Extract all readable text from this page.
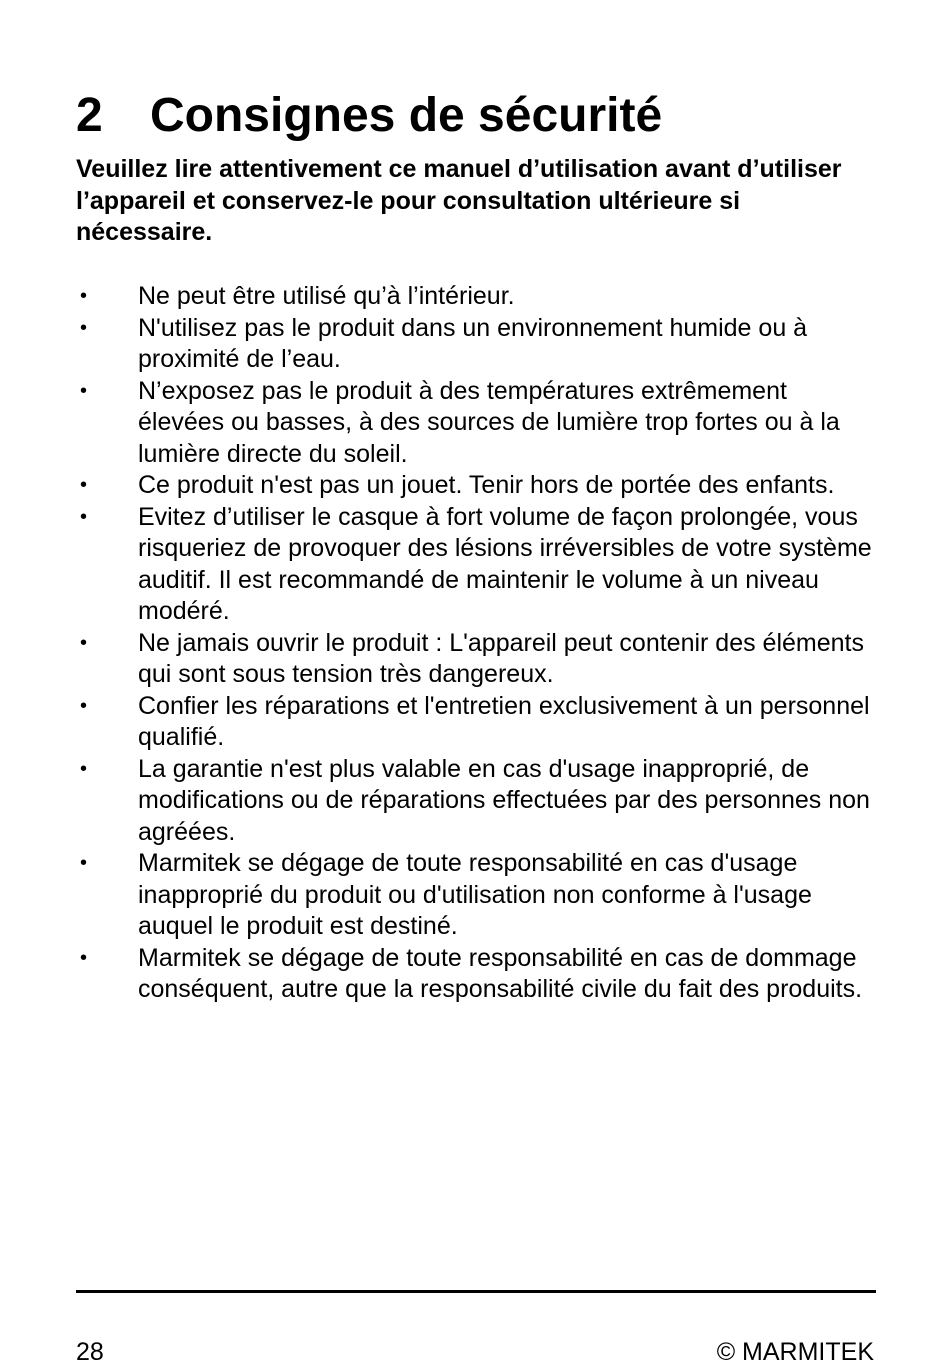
2 Consignes de sécurité

Veuillez lire attentivement ce manuel d’utilisation avant d’utiliser l’appareil et conservez-le pour consultation ultérieure si nécessaire.

• Ne peut être utilisé qu’à l’intérieur.
• N'utilisez pas le produit dans un environnement humide ou à proximité de l’eau.
• N’exposez pas le produit à des températures extrêmement élevées ou basses, à des sources de lumière trop fortes ou à la lumière directe du soleil.
• Ce produit n'est pas un jouet. Tenir hors de portée des enfants.
• Evitez d’utiliser le casque à fort volume de façon prolongée, vous risqueriez de provoquer des lésions irréversibles de votre système auditif. Il est recommandé de maintenir le volume à un niveau modéré.
• Ne jamais ouvrir le produit : L'appareil peut contenir des éléments qui sont sous tension très dangereux.
• Confier les réparations et l'entretien exclusivement à un personnel qualifié.
• La garantie n'est plus valable en cas d'usage inapproprié, de modifications ou de réparations effectuées par des personnes non agréées.
• Marmitek se dégage de toute responsabilité en cas d'usage inapproprié du produit ou d'utilisation non conforme à l'usage auquel le produit est destiné.
• Marmitek se dégage de toute responsabilité en cas de dommage conséquent, autre que la responsabilité civile du fait des produits.
28	© MARMITEK
